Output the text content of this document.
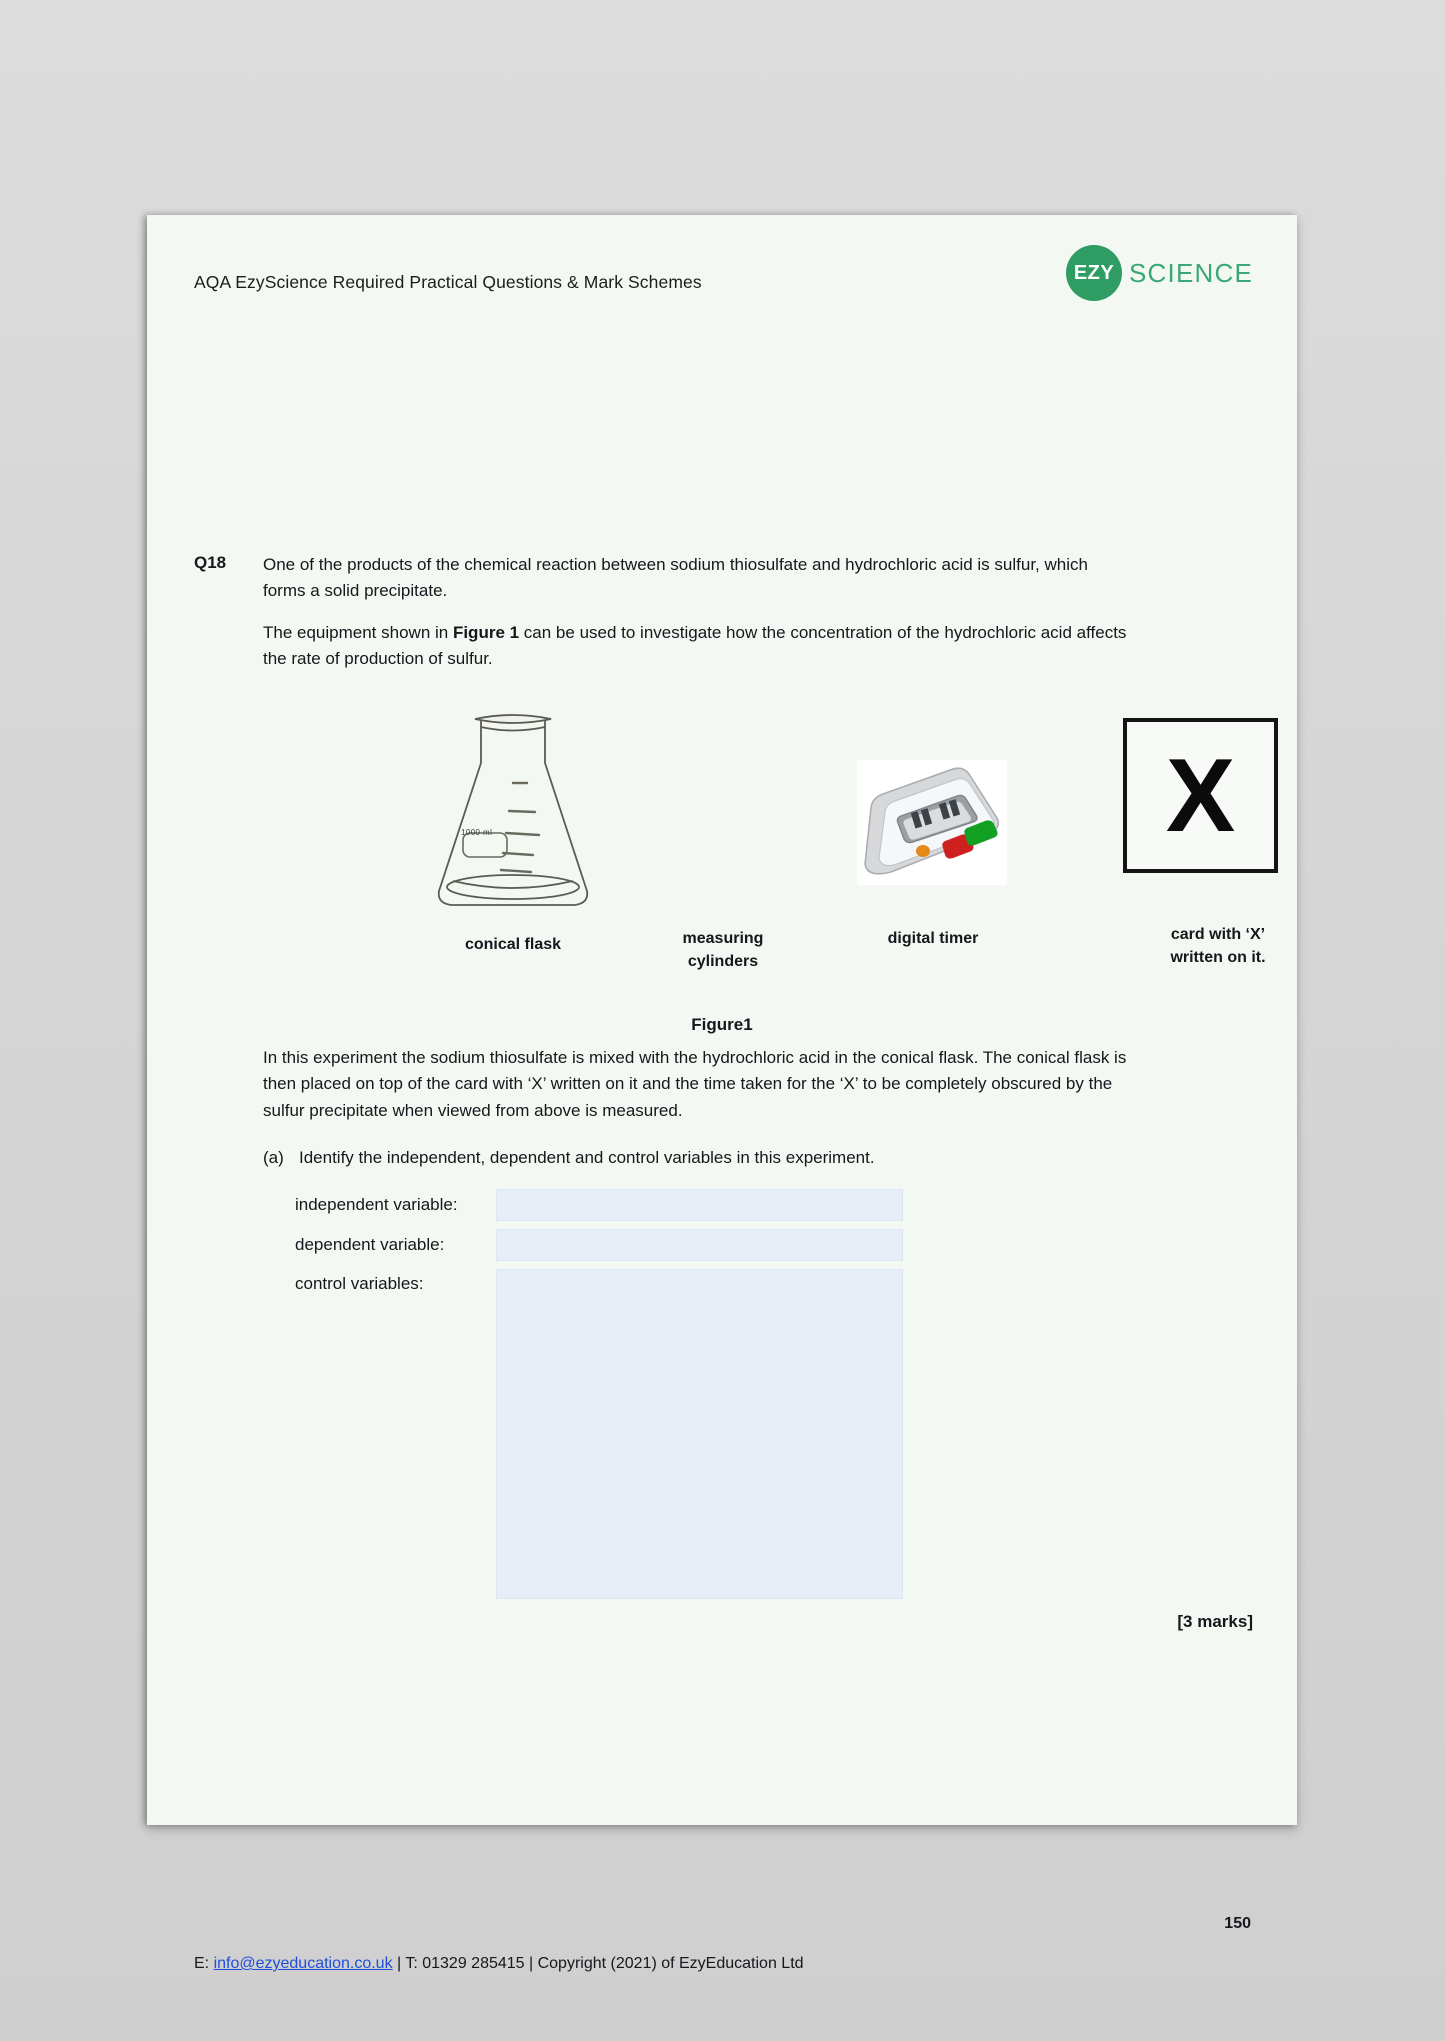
AQA EzyScience Required Practical Questions & Mark Schemes	EZY SCIENCE
Q18 One of the products of the chemical reaction between sodium thiosulfate and hydrochloric acid is sulfur, which forms a solid precipitate.
The equipment shown in Figure 1 can be used to investigate how the concentration of the hydrochloric acid affects the rate of production of sulfur.
1000 ml	X
conical flask	measuring
cylinders
digital timer	card with ‘X’
written on it.
Figure1
In this experiment the sodium thiosulfate is mixed with the hydrochloric acid in the conical flask. The conical flask is then placed on top of the card with ‘X’ written on it and the time taken for the ‘X’ to be completely obscured by the sulfur precipitate when viewed from above is measured.
(a) Identify the independent, dependent and control variables in this experiment.
independent variable:
dependent variable:
control variables:
[3 marks]
150
E: info@ezyeducation.co.uk | T: 01329 285415 | Copyright (2021) of EzyEducation Ltd
